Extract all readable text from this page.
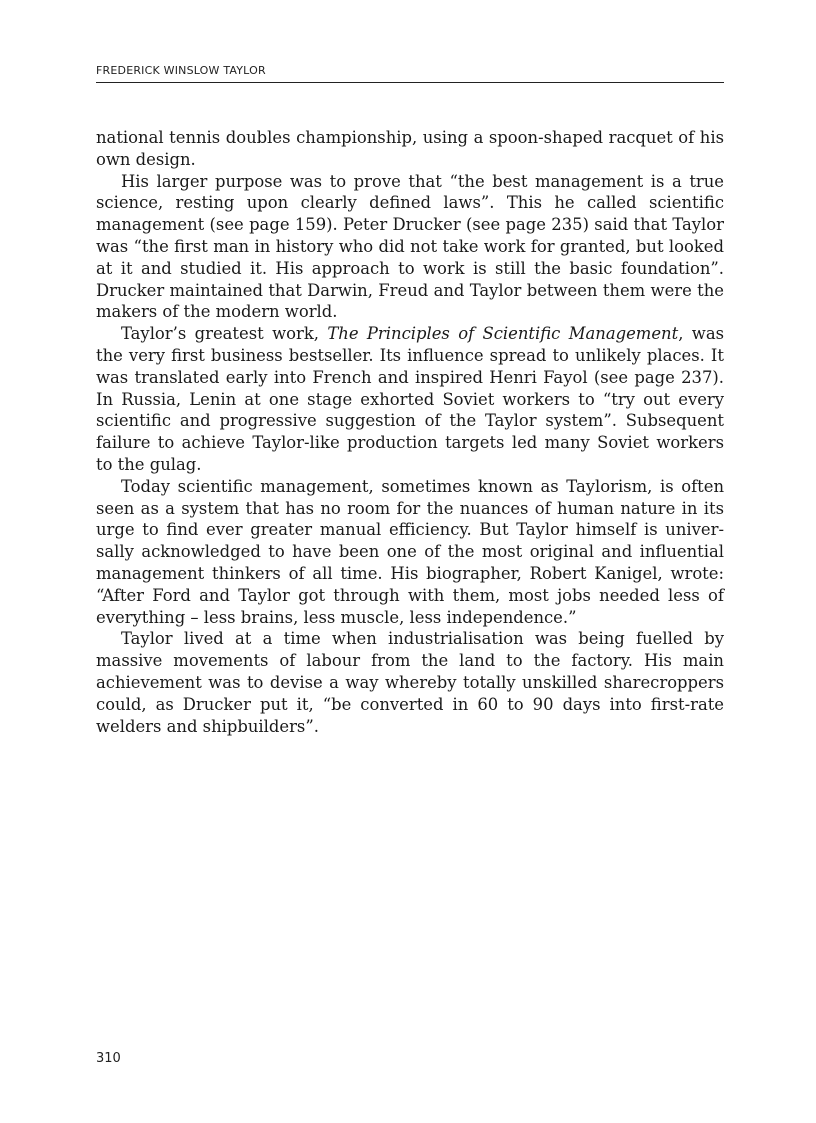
FREDERICK WINSLOW TAYLOR

national tennis doubles championship, using a spoon-shaped racquet of his own design.

His larger purpose was to prove that “the best management is a true science, resting upon clearly defined laws”. This he called scientific management (see page 159). Peter Drucker (see page 235) said that Taylor was “the first man in history who did not take work for granted, but looked at it and studied it. His approach to work is still the basic foundation”. Drucker maintained that Darwin, Freud and Taylor between them were the makers of the modern world.

Taylor’s greatest work, The Principles of Scientific Management, was the very first business bestseller. Its influence spread to unlikely places. It was translated early into French and inspired Henri Fayol (see page 237). In Russia, Lenin at one stage exhorted Soviet workers to “try out every scientific and progressive suggestion of the Taylor system”. Subsequent failure to achieve Taylor-like production targets led many Soviet workers to the gulag.

Today scientific management, sometimes known as Taylorism, is often seen as a system that has no room for the nuances of human nature in its urge to find ever greater manual efficiency. But Taylor himself is universally acknowledged to have been one of the most original and influential management thinkers of all time. His biographer, Robert Kanigel, wrote: “After Ford and Taylor got through with them, most jobs needed less of everything – less brains, less muscle, less independence.”

Taylor lived at a time when industrialisation was being fuelled by massive movements of labour from the land to the factory. His main achievement was to devise a way whereby totally unskilled sharecroppers could, as Drucker put it, “be converted in 60 to 90 days into first-rate welders and shipbuilders”.

310
